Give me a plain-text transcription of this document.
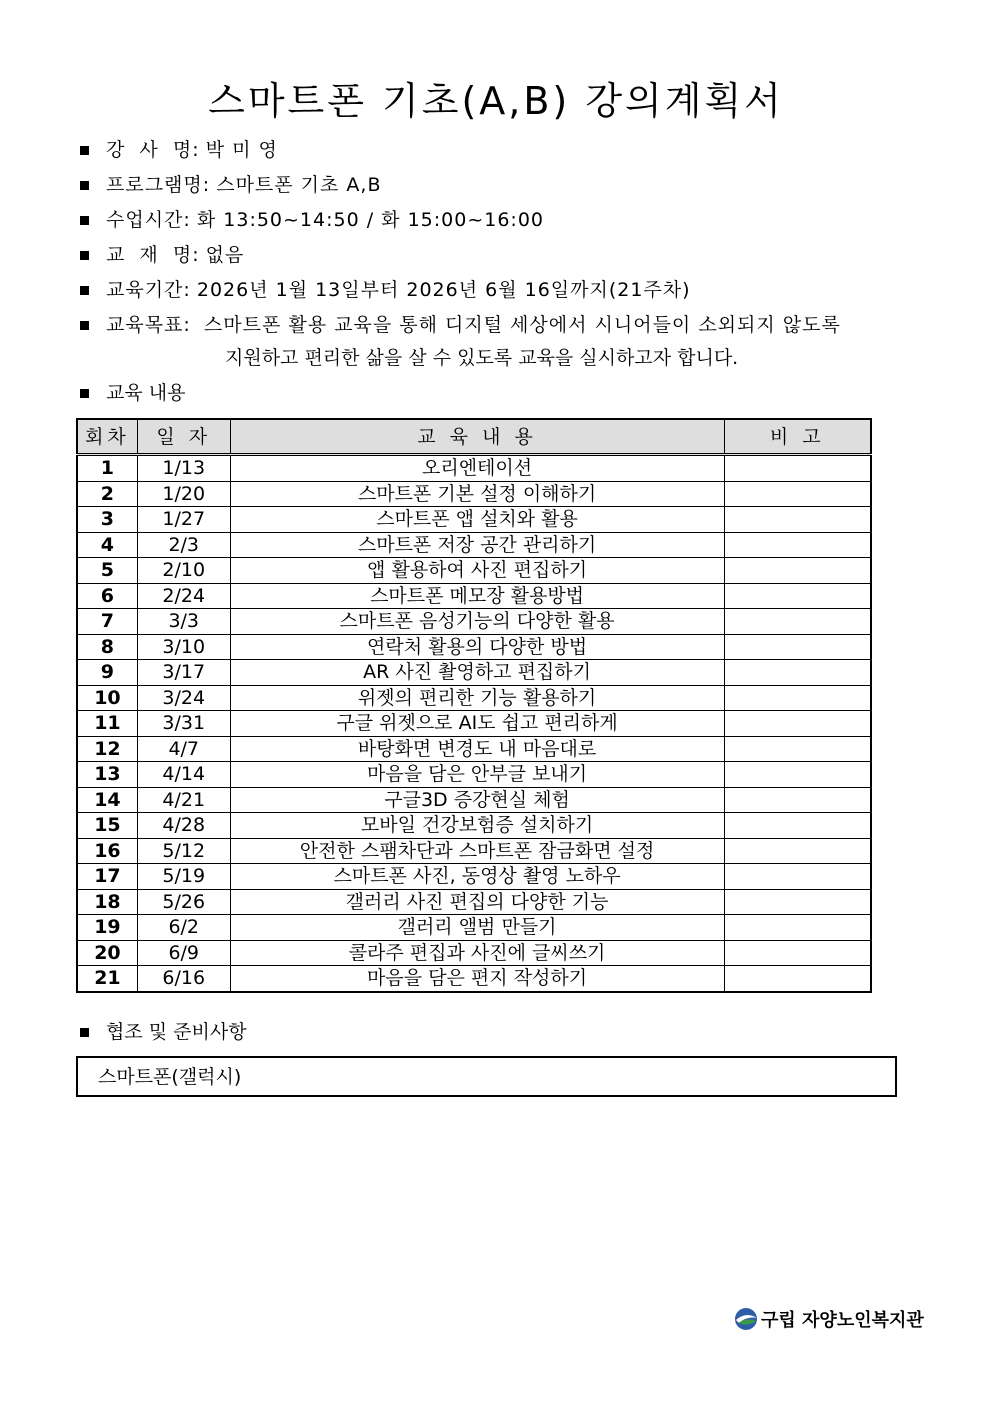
스마트폰 기초(A,B) 강의계획서
강  사  명 : 박 미 영
프로그램명 : 스마트폰 기초 A,B
수업시간 : 화 13:50~14:50 / 화 15:00~16:00
교  재  명 : 없음
교육기간 : 2026년 1월 13일부터 2026년 6월 16일까지(21주차)
교육목표 : 스마트폰 활용 교육을 통해 디지털 세상에서 시니어들이 소외되지 않도록
지원하고 편리한 삶을 살 수 있도록 교육을 실시하고자 합니다.
교육 내용
회차	일 자	교 육 내 용	비 고
1	1/13	오리엔테이션	
2	1/20	스마트폰 기본 설정 이해하기	
3	1/27	스마트폰 앱 설치와 활용	
4	2/3	스마트폰 저장 공간 관리하기	
5	2/10	앱 활용하여 사진 편집하기	
6	2/24	스마트폰 메모장 활용방법	
7	3/3	스마트폰 음성기능의 다양한 활용	
8	3/10	연락처 활용의 다양한 방법	
9	3/17	AR 사진 촬영하고 편집하기	
10	3/24	위젯의 편리한 기능 활용하기	
11	3/31	구글 위젯으로 AI도 쉽고 편리하게	
12	4/7	바탕화면 변경도 내 마음대로	
13	4/14	마음을 담은 안부글 보내기	
14	4/21	구글3D 증강현실 체험	
15	4/28	모바일 건강보험증 설치하기	
16	5/12	안전한 스팸차단과 스마트폰 잠금화면 설정	
17	5/19	스마트폰 사진, 동영상 촬영 노하우	
18	5/26	갤러리 사진 편집의 다양한 기능	
19	6/2	갤러리 앨범 만들기	
20	6/9	콜라주 편집과 사진에 글씨쓰기	
21	6/16	마음을 담은 편지 작성하기	
협조 및 준비사항
스마트폰(갤럭시)
구립 자양노인복지관
